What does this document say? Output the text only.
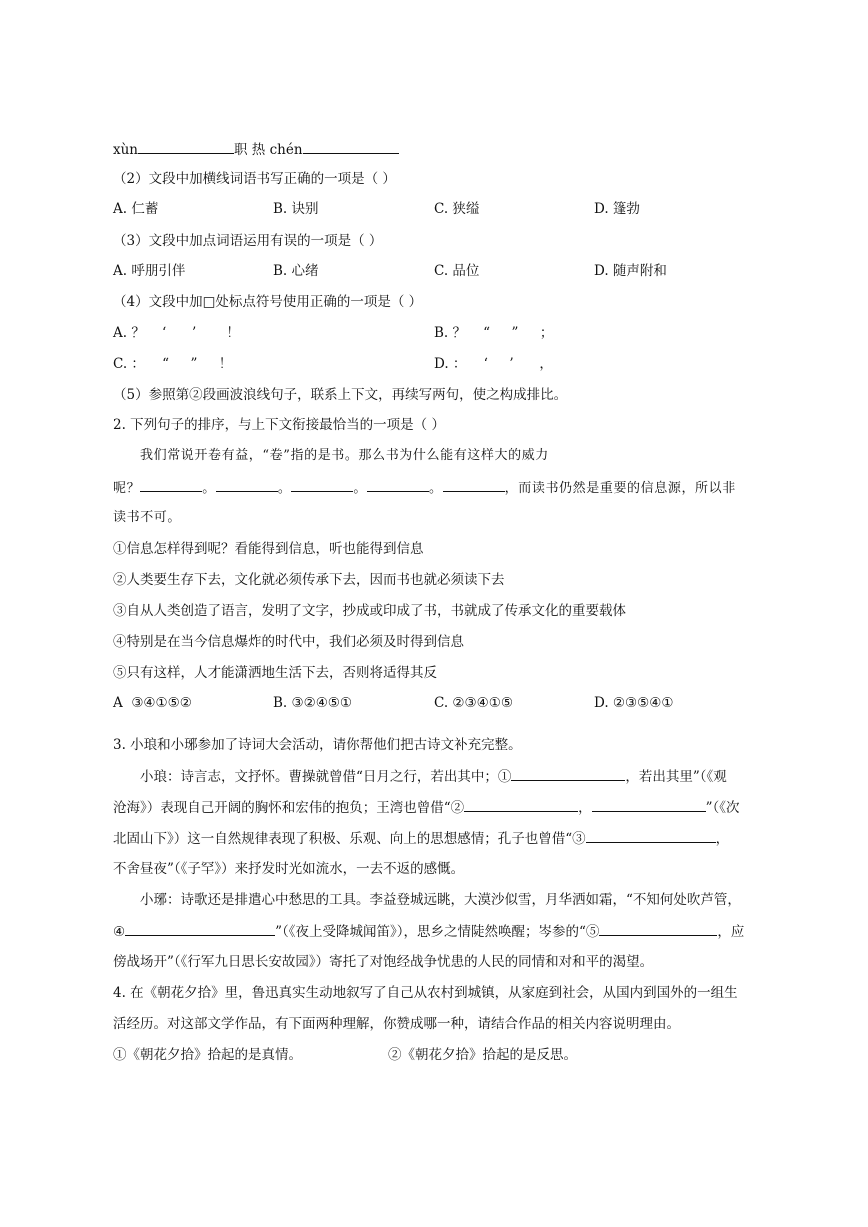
xùn	职 热 chén
（2）文段中加横线词语书写正确的一项是（ ）
A. 仁蓄	B. 诀别	C. 狭缢	D. 篷勃
（3）文段中加点词语运用有误的一项是（ ）
A. 呼朋引伴	B. 心绪	C. 品位	D. 随声附和
（4）文段中加□处标点符号使用正确的一项是（ ）
A. ？    ‘      ’       ！	B. ？    “     ”     ；
C. ：    “     ”     ！	D. ：    ‘     ’      ，
（5）参照第②段画波浪线句子，联系上下文，再续写两句，使之构成排比。
2. 下列句子的排序，与上下文衔接最恰当的一项是（ ）
我们常说开卷有益，“卷”指的是书。那么书为什么能有这样大的威力
呢？	。	。	。	。	，而读书仍然是重要的信息源，所以非
读书不可。
①信息怎样得到呢？看能得到信息，听也能得到信息
②人类要生存下去，文化就必须传承下去，因而书也就必须读下去
③自从人类创造了语言，发明了文字，抄成或印成了书，书就成了传承文化的重要载体
④特别是在当今信息爆炸的时代中，我们必须及时得到信息
⑤只有这样，人才能潇洒地生活下去，否则将适得其反
A  ③④①⑤②	B. ③②④⑤①	C. ②③④①⑤	D. ②③⑤④①
3. 小琅和小琊参加了诗词大会活动，请你帮他们把古诗文补充完整。
小琅：诗言志，文抒怀。曹操就曾借“日月之行，若出其中；①	，若出其里”（《观
沧海》）表现自己开阔的胸怀和宏伟的抱负；王湾也曾借“②	，	”（《次
北固山下》）这一自然规律表现了积极、乐观、向上的思想感情；孔子也曾借“③	，
不舍昼夜”（《子罕》）来抒发时光如流水，一去不返的感慨。
小琊：诗歌还是排遣心中愁思的工具。李益登城远眺，大漠沙似雪，月华洒如霜，“不知何处吹芦管，
④	”（《夜上受降城闻笛》），思乡之情陡然唤醒；岑参的“⑤	，应
傍战场开”（《行军九日思长安故园》）寄托了对饱经战争忧患的人民的同情和对和平的渴望。
4. 在《朝花夕拾》里，鲁迅真实生动地叙写了自己从农村到城镇，从家庭到社会，从国内到国外的一组生
活经历。对这部文学作品，有下面两种理解，你赞成哪一种，请结合作品的相关内容说明理由。
①《朝花夕拾》拾起的是真情。	②《朝花夕拾》拾起的是反思。
